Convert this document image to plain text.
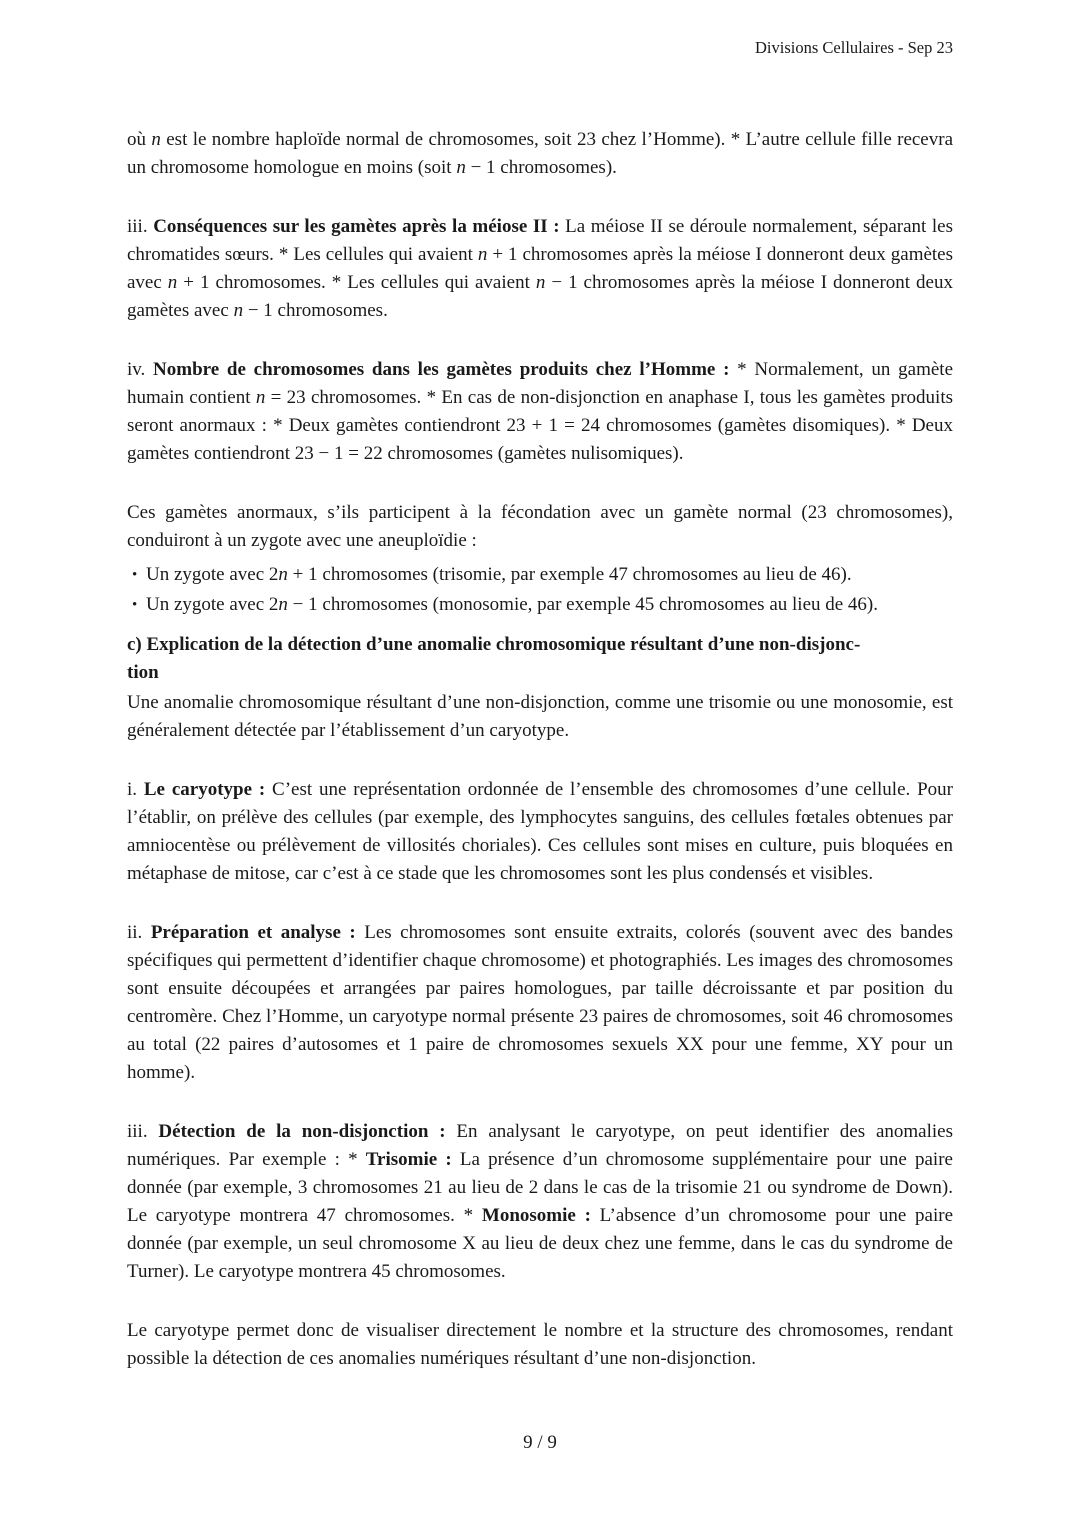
Divisions Cellulaires - Sep 23
où n est le nombre haploïde normal de chromosomes, soit 23 chez l’Homme). * L’autre cellule fille recevra un chromosome homologue en moins (soit n − 1 chromosomes).
iii. Conséquences sur les gamètes après la méiose II : La méiose II se déroule normalement, séparant les chromatides sœurs. * Les cellules qui avaient n + 1 chromosomes après la méiose I donneront deux gamètes avec n + 1 chromosomes. * Les cellules qui avaient n − 1 chromosomes après la méiose I donneront deux gamètes avec n − 1 chromosomes.
iv. Nombre de chromosomes dans les gamètes produits chez l’Homme : * Normalement, un gamète humain contient n = 23 chromosomes. * En cas de non-disjonction en anaphase I, tous les gamètes produits seront anormaux : * Deux gamètes contiendront 23 + 1 = 24 chromosomes (gamètes disomiques). * Deux gamètes contiendront 23 − 1 = 22 chromosomes (gamètes nulisomiques).
Ces gamètes anormaux, s’ils participent à la fécondation avec un gamète normal (23 chromosomes), conduiront à un zygote avec une aneuploïdie :
• Un zygote avec 2n + 1 chromosomes (trisomie, par exemple 47 chromosomes au lieu de 46).
• Un zygote avec 2n − 1 chromosomes (monosomie, par exemple 45 chromosomes au lieu de 46).
c) Explication de la détection d’une anomalie chromosomique résultant d’une non-disjonc-
tion
Une anomalie chromosomique résultant d’une non-disjonction, comme une trisomie ou une monosomie, est généralement détectée par l’établissement d’un caryotype.
i. Le caryotype : C’est une représentation ordonnée de l’ensemble des chromosomes d’une cellule. Pour l’établir, on prélève des cellules (par exemple, des lymphocytes sanguins, des cellules fœtales obtenues par amniocentèse ou prélèvement de villosités choriales). Ces cellules sont mises en culture, puis bloquées en métaphase de mitose, car c’est à ce stade que les chromosomes sont les plus condensés et visibles.
ii. Préparation et analyse : Les chromosomes sont ensuite extraits, colorés (souvent avec des bandes spécifiques qui permettent d’identifier chaque chromosome) et photographiés. Les images des chromosomes sont ensuite découpées et arrangées par paires homologues, par taille décroissante et par position du centromère. Chez l’Homme, un caryotype normal présente 23 paires de chromosomes, soit 46 chromosomes au total (22 paires d’autosomes et 1 paire de chromosomes sexuels XX pour une femme, XY pour un homme).
iii. Détection de la non-disjonction : En analysant le caryotype, on peut identifier des anomalies numériques. Par exemple : * Trisomie : La présence d’un chromosome supplémentaire pour une paire donnée (par exemple, 3 chromosomes 21 au lieu de 2 dans le cas de la trisomie 21 ou syndrome de Down). Le caryotype montrera 47 chromosomes. * Monosomie : L’absence d’un chromosome pour une paire donnée (par exemple, un seul chromosome X au lieu de deux chez une femme, dans le cas du syndrome de Turner). Le caryotype montrera 45 chromosomes.
Le caryotype permet donc de visualiser directement le nombre et la structure des chromosomes, rendant possible la détection de ces anomalies numériques résultant d’une non-disjonction.
9 / 9
